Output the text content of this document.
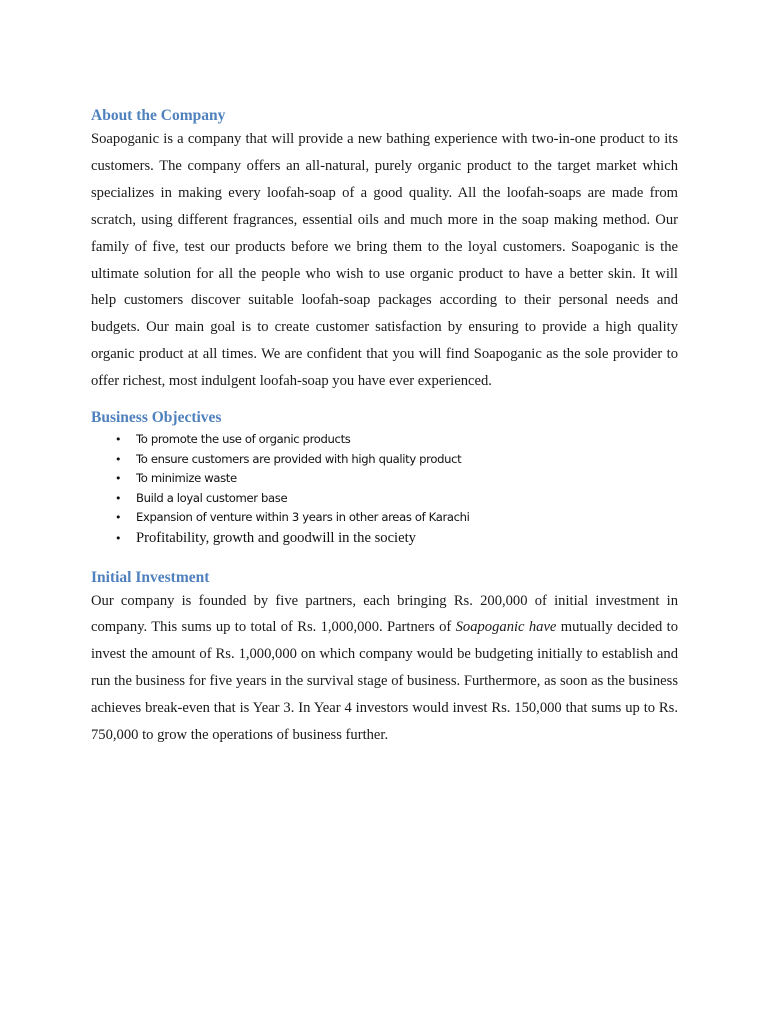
About the Company

Soapoganic is a company that will provide a new bathing experience with two-in-one product to its customers. The company offers an all-natural, purely organic product to the target market which specializes in making every loofah-soap of a good quality. All the loofah-soaps are made from scratch, using different fragrances, essential oils and much more in the soap making method. Our family of five, test our products before we bring them to the loyal customers. Soapoganic is the ultimate solution for all the people who wish to use organic product to have a better skin. It will help customers discover suitable loofah-soap packages according to their personal needs and budgets. Our main goal is to create customer satisfaction by ensuring to provide a high quality organic product at all times. We are confident that you will find Soapoganic as the sole provider to offer richest, most indulgent loofah-soap you have ever experienced.

Business Objectives
• To promote the use of organic products
• To ensure customers are provided with high quality product
• To minimize waste
• Build a loyal customer base
• Expansion of venture within 3 years in other areas of Karachi
• Profitability, growth and goodwill in the society
Initial Investment

Our company is founded by five partners, each bringing Rs. 200,000 of initial investment in company. This sums up to total of Rs. 1,000,000. Partners of Soapoganic have mutually decided to invest the amount of Rs. 1,000,000 on which company would be budgeting initially to establish and run the business for five years in the survival stage of business. Furthermore, as soon as the business achieves break-even that is Year 3. In Year 4 investors would invest Rs. 150,000 that sums up to Rs. 750,000 to grow the operations of business further.
